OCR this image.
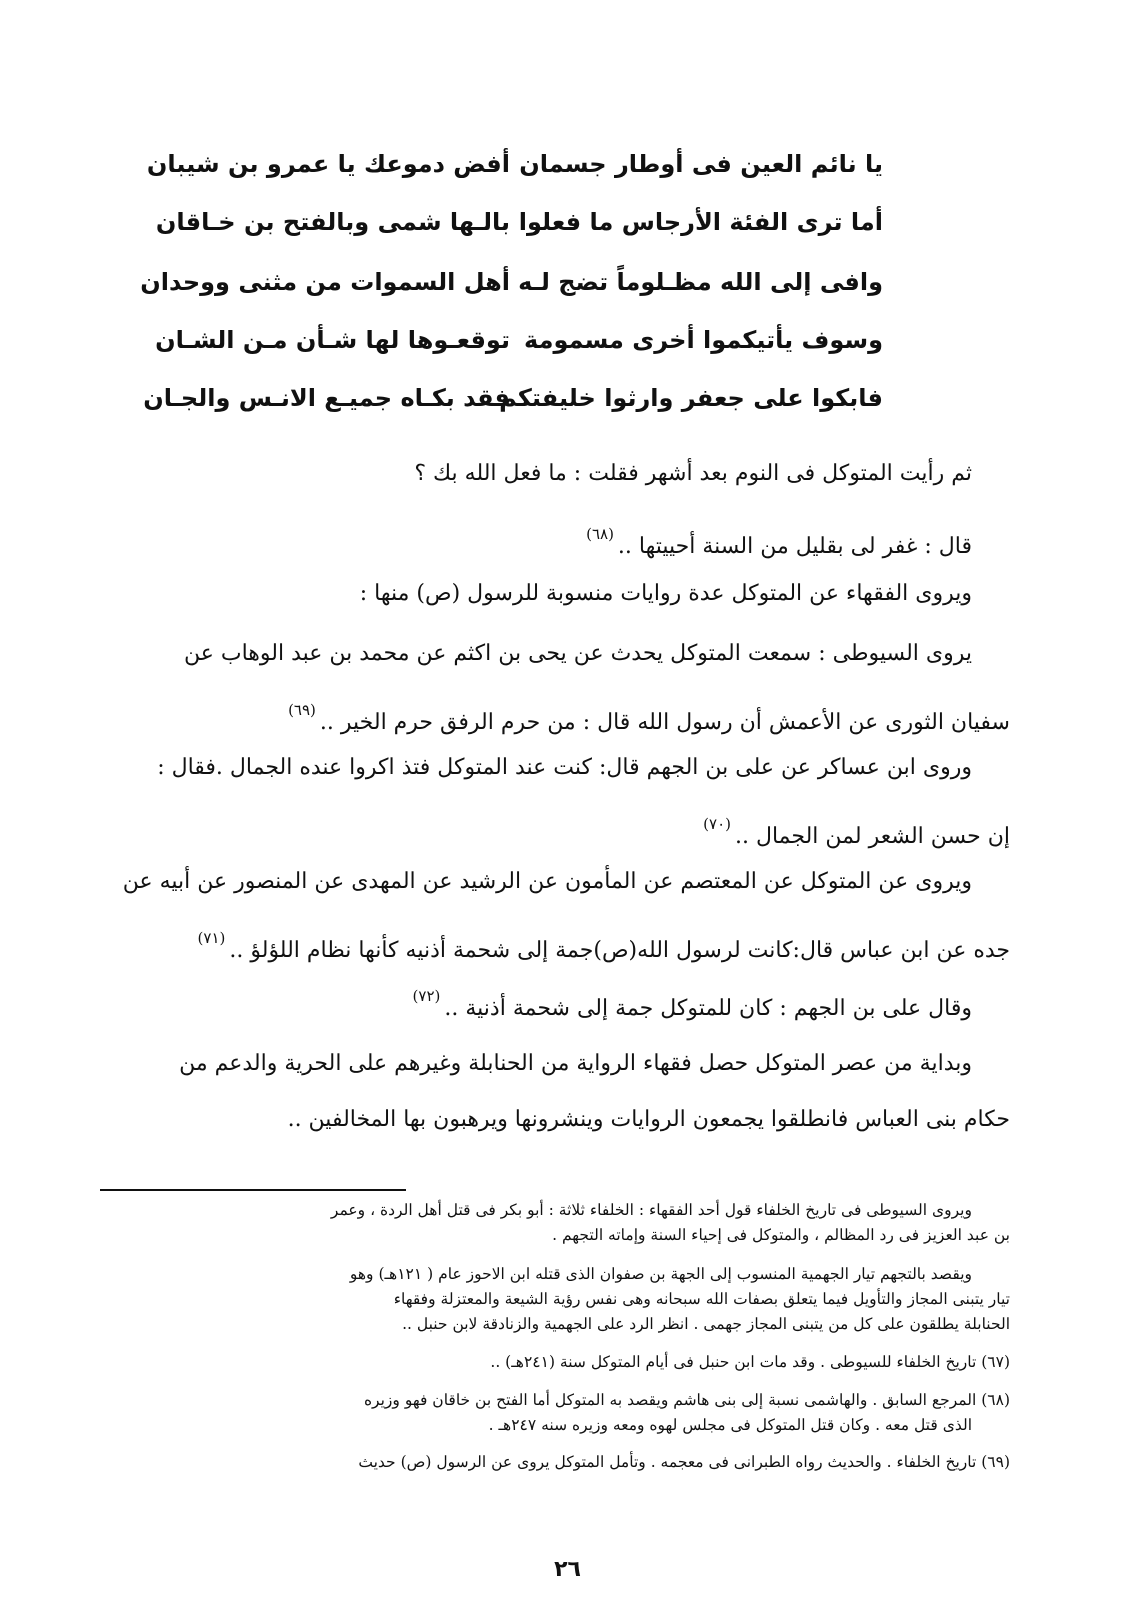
يا نائم العين فى أوطار جسمان
أفض دموعك يا عمرو بن شيبان
أما ترى الفئة الأرجاس ما فعلوا
بالـها شمى وبالفتح بن خـاقان
وافى إلى الله مظـلوماً تضج لـه
أهل السموات من مثنى ووحدان
وسوف يأتيكموا أخرى مسمومة
توقعـوها لها شـأن مـن الشـان
فابكوا على جعفر وارثوا خليفتكم
فقد بكـاه جميـع الانـس والجـان
ثم رأيت المتوكل فى النوم بعد أشهر فقلت : ما فعل الله بك ؟
قال : غفر لى بقليل من السنة أحييتها ..$^{(٦٨)}$
ويروى الفقهاء عن المتوكل عدة روايات منسوبة للرسول (ص) منها :
يروى السيوطى : سمعت المتوكل يحدث عن يحى بن اكثم عن محمد بن عبد الوهاب عن
سفيان الثورى عن الأعمش أن رسول الله قال : من حرم الرفق حرم الخير ..$^{(٦٩)}$
وروى ابن عساكر عن على بن الجهم قال: كنت عند المتوكل فتذ اكروا عنده الجمال .فقال :
إن حسن الشعر لمن الجمال ..$^{(٧٠)}$
ويروى عن المتوكل عن المعتصم عن المأمون عن الرشيد عن المهدى عن المنصور عن أبيه عن
جده عن ابن عباس قال:كانت لرسول الله(ص)جمة إلى شحمة أذنيه كأنها نظام اللؤلؤ ..$^{(٧١)}$
وقال على بن الجهم : كان للمتوكل جمة إلى شحمة أذنية ..$^{(٧٢)}$
وبداية من عصر المتوكل حصل فقهاء الرواية من الحنابلة وغيرهم على الحرية والدعم من
حكام بنى العباس فانطلقوا يجمعون الروايات وينشرونها ويرهبون بها المخالفين ..
ويروى السيوطى فى تاريخ الخلفاء قول أحد الفقهاء : الخلفاء ثلاثة : أبو بكر فى قتل أهل الردة ، وعمر
بن عبد العزيز فى رد المظالم ، والمتوكل فى إحياء السنة وإماته التجهم .
ويقصد بالتجهم تيار الجهمية المنسوب إلى الجهة بن صفوان الذى قتله ابن الاحوز عام ( ١٢١هـ) وهو
تيار يتبنى المجاز والتأويل فيما يتعلق بصفات الله سبحانه وهى نفس رؤية الشيعة والمعتزلة وفقهاء
الحنابلة يطلقون على كل من يتبنى المجاز جهمى . انظر الرد على الجهمية والزنادقة لابن حنبل ..
(٦٧) تاريخ الخلفاء للسيوطى . وقد مات ابن حنبل فى أيام المتوكل سنة (٢٤١هـ) ..
(٦٨) المرجع السابق . والهاشمى نسبة إلى بنى هاشم ويقصد به المتوكل أما الفتح بن خاقان فهو وزيره
الذى قتل معه . وكان قتل المتوكل فى مجلس لهوه ومعه وزيره سنه ٢٤٧هـ .
(٦٩) تاريخ الخلفاء . والحديث رواه الطبرانى فى معجمه . وتأمل المتوكل يروى عن الرسول (ص) حديث
٢٦
